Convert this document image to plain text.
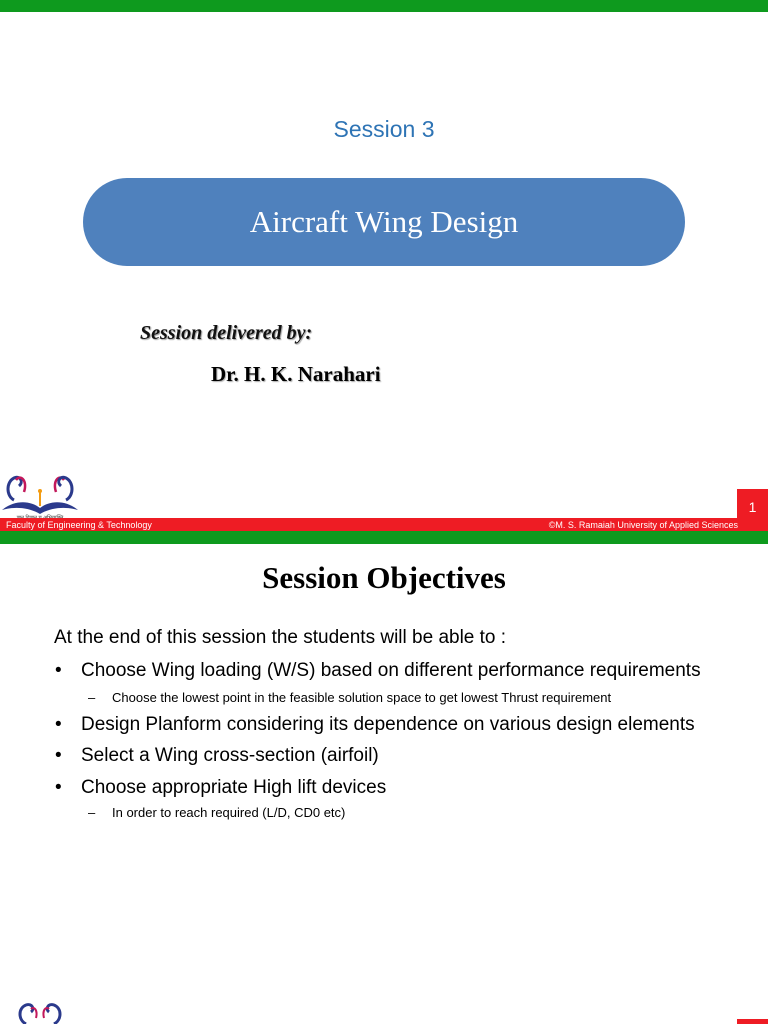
Session 3
Aircraft Wing Design
Session delivered by:
Dr. H. K. Narahari
1
Faculty of Engineering & Technology	©M. S. Ramaiah University of Applied Sciences
Session Objectives
At the end of this session the students will be able to :
•	Choose Wing loading (W/S) based on different performance requirements
–	Choose the lowest point in the feasible solution space to get lowest Thrust requirement
•	Design Planform considering its dependence on various design elements
•	Select a Wing cross-section (airfoil)
•	Choose appropriate High lift devices
–	In order to reach required (L/D, CD0 etc)
